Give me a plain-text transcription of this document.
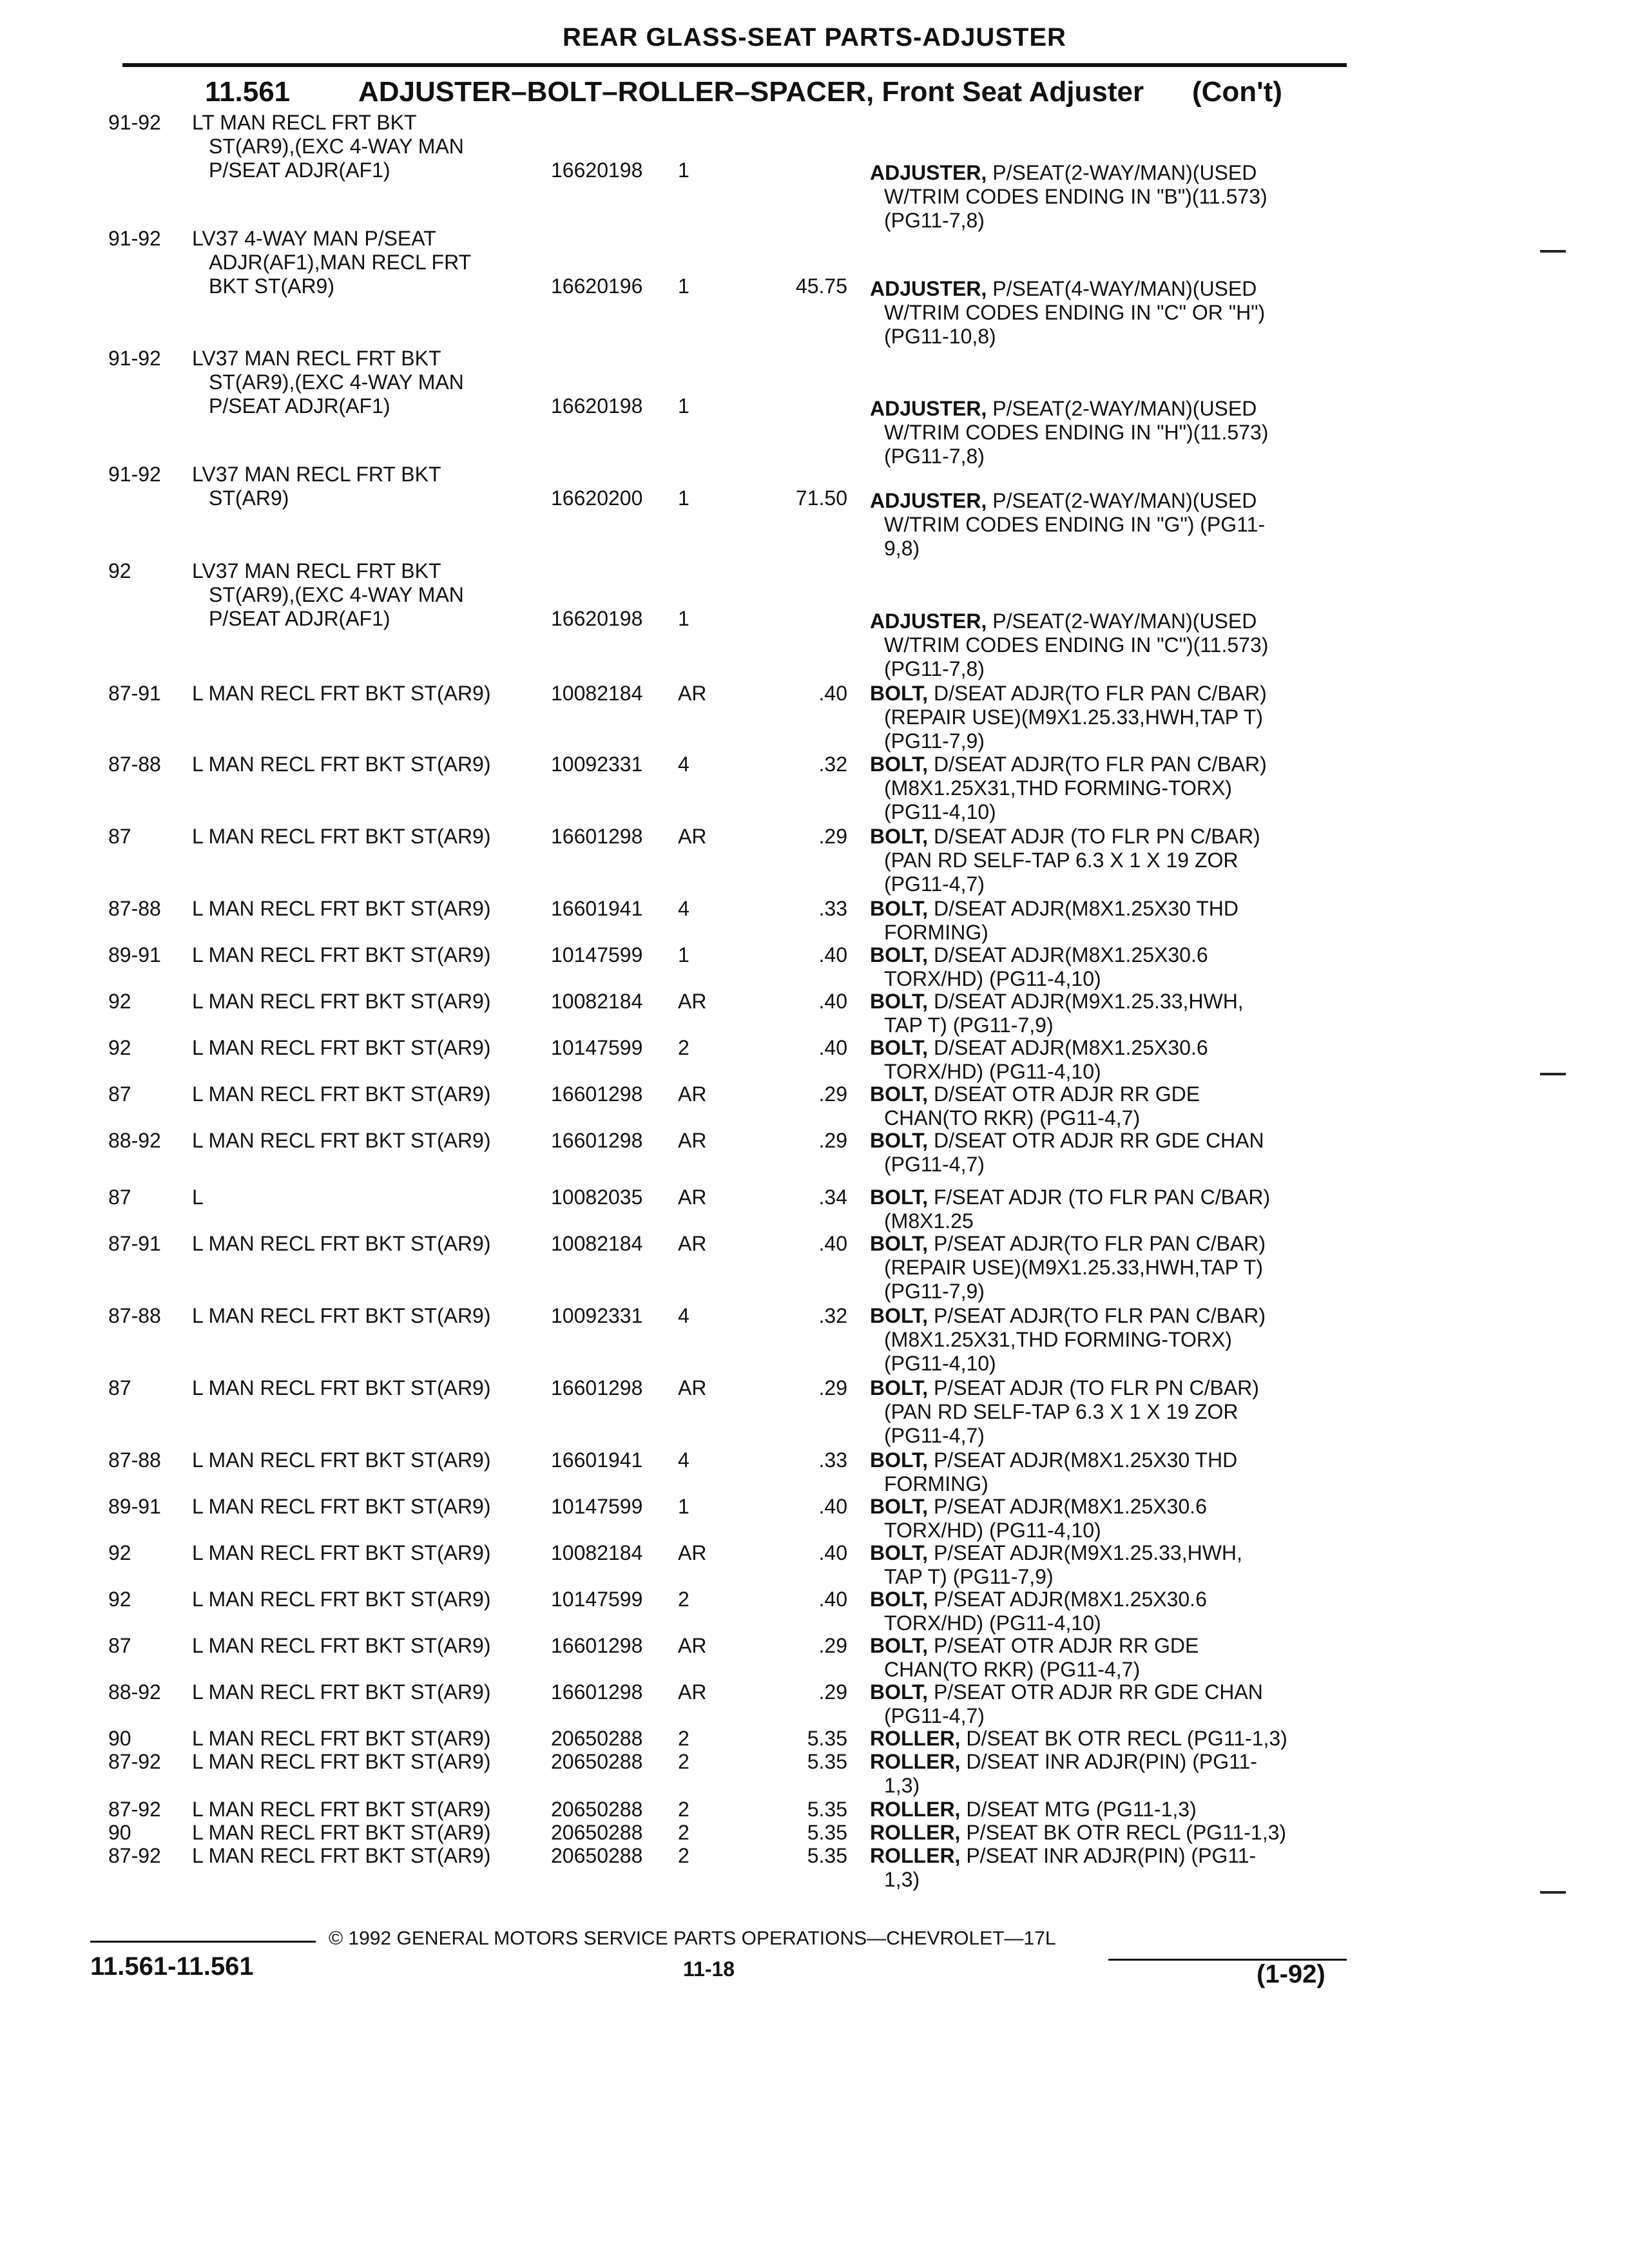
REAR GLASS-SEAT PARTS-ADJUSTER
11.561 ADJUSTER–BOLT–ROLLER–SPACER, Front Seat Adjuster (Con't)
91-92	LT MAN RECL FRT BKT
ST(AR9),(EXC 4-WAY MAN
P/SEAT ADJR(AF1)	16620198 1	ADJUSTER, P/SEAT(2-WAY/MAN)(USED
W/TRIM CODES ENDING IN "B")(11.573)
(PG11-7,8)
91-92	LV37 4-WAY MAN P/SEAT
ADJR(AF1),MAN RECL FRT
BKT ST(AR9)	16620196 1	45.75 ADJUSTER, P/SEAT(4-WAY/MAN)(USED
W/TRIM CODES ENDING IN "C" OR "H")
(PG11-10,8)
91-92	LV37 MAN RECL FRT BKT
ST(AR9),(EXC 4-WAY MAN
P/SEAT ADJR(AF1)	16620198 1	ADJUSTER, P/SEAT(2-WAY/MAN)(USED
W/TRIM CODES ENDING IN "H")(11.573)
(PG11-7,8)
91-92	LV37 MAN RECL FRT BKT
ST(AR9)	16620200 1	71.50 ADJUSTER, P/SEAT(2-WAY/MAN)(USED
W/TRIM CODES ENDING IN "G") (PG11-
9,8)
92	LV37 MAN RECL FRT BKT
ST(AR9),(EXC 4-WAY MAN
P/SEAT ADJR(AF1)	16620198 1	ADJUSTER, P/SEAT(2-WAY/MAN)(USED
W/TRIM CODES ENDING IN "C")(11.573)
(PG11-7,8)
87-91	L MAN RECL FRT BKT ST(AR9)	10082184 AR	.40 BOLT, D/SEAT ADJR(TO FLR PAN C/BAR)
(REPAIR USE)(M9X1.25.33,HWH,TAP T)
(PG11-7,9)
87-88	L MAN RECL FRT BKT ST(AR9)	10092331 4	.32 BOLT, D/SEAT ADJR(TO FLR PAN C/BAR)
(M8X1.25X31,THD FORMING-TORX)
(PG11-4,10)
87	L MAN RECL FRT BKT ST(AR9)	16601298 AR	.29 BOLT, D/SEAT ADJR (TO FLR PN C/BAR)
(PAN RD SELF-TAP 6.3 X 1 X 19 ZOR
(PG11-4,7)
87-88	L MAN RECL FRT BKT ST(AR9)	16601941 4	.33 BOLT, D/SEAT ADJR(M8X1.25X30 THD
FORMING)
89-91	L MAN RECL FRT BKT ST(AR9)	10147599 1	.40 BOLT, D/SEAT ADJR(M8X1.25X30.6
TORX/HD) (PG11-4,10)
92	L MAN RECL FRT BKT ST(AR9)	10082184 AR	.40 BOLT, D/SEAT ADJR(M9X1.25.33,HWH,
TAP T) (PG11-7,9)
92	L MAN RECL FRT BKT ST(AR9)	10147599 2	.40 BOLT, D/SEAT ADJR(M8X1.25X30.6
TORX/HD) (PG11-4,10)
87	L MAN RECL FRT BKT ST(AR9)	16601298 AR	.29 BOLT, D/SEAT OTR ADJR RR GDE
CHAN(TO RKR) (PG11-4,7)
88-92	L MAN RECL FRT BKT ST(AR9)	16601298 AR	.29 BOLT, D/SEAT OTR ADJR RR GDE CHAN
(PG11-4,7)
87	L	10082035 AR	.34 BOLT, F/SEAT ADJR (TO FLR PAN C/BAR)
(M8X1.25
87-91	L MAN RECL FRT BKT ST(AR9)	10082184 AR	.40 BOLT, P/SEAT ADJR(TO FLR PAN C/BAR)
(REPAIR USE)(M9X1.25.33,HWH,TAP T)
(PG11-7,9)
87-88	L MAN RECL FRT BKT ST(AR9)	10092331 4	.32 BOLT, P/SEAT ADJR(TO FLR PAN C/BAR)
(M8X1.25X31,THD FORMING-TORX)
(PG11-4,10)
87	L MAN RECL FRT BKT ST(AR9)	16601298 AR	.29 BOLT, P/SEAT ADJR (TO FLR PN C/BAR)
(PAN RD SELF-TAP 6.3 X 1 X 19 ZOR
(PG11-4,7)
87-88	L MAN RECL FRT BKT ST(AR9)	16601941 4	.33 BOLT, P/SEAT ADJR(M8X1.25X30 THD
FORMING)
89-91	L MAN RECL FRT BKT ST(AR9)	10147599 1	.40 BOLT, P/SEAT ADJR(M8X1.25X30.6
TORX/HD) (PG11-4,10)
92	L MAN RECL FRT BKT ST(AR9)	10082184 AR	.40 BOLT, P/SEAT ADJR(M9X1.25.33,HWH,
TAP T) (PG11-7,9)
92	L MAN RECL FRT BKT ST(AR9)	10147599 2	.40 BOLT, P/SEAT ADJR(M8X1.25X30.6
TORX/HD) (PG11-4,10)
87	L MAN RECL FRT BKT ST(AR9)	16601298 AR	.29 BOLT, P/SEAT OTR ADJR RR GDE
CHAN(TO RKR) (PG11-4,7)
88-92	L MAN RECL FRT BKT ST(AR9)	16601298 AR	.29 BOLT, P/SEAT OTR ADJR RR GDE CHAN
(PG11-4,7)
90	L MAN RECL FRT BKT ST(AR9)	20650288 2	5.35 ROLLER, D/SEAT BK OTR RECL (PG11-1,3)
87-92	L MAN RECL FRT BKT ST(AR9)	20650288 2	5.35 ROLLER, D/SEAT INR ADJR(PIN) (PG11-
1,3)
87-92	L MAN RECL FRT BKT ST(AR9)	20650288 2	5.35 ROLLER, D/SEAT MTG (PG11-1,3)
90	L MAN RECL FRT BKT ST(AR9)	20650288 2	5.35 ROLLER, P/SEAT BK OTR RECL (PG11-1,3)
87-92	L MAN RECL FRT BKT ST(AR9)	20650288 2	5.35 ROLLER, P/SEAT INR ADJR(PIN) (PG11-
1,3)
© 1992 GENERAL MOTORS SERVICE PARTS OPERATIONS—CHEVROLET—17L
11.561-11.561	11-18	(1-92)
